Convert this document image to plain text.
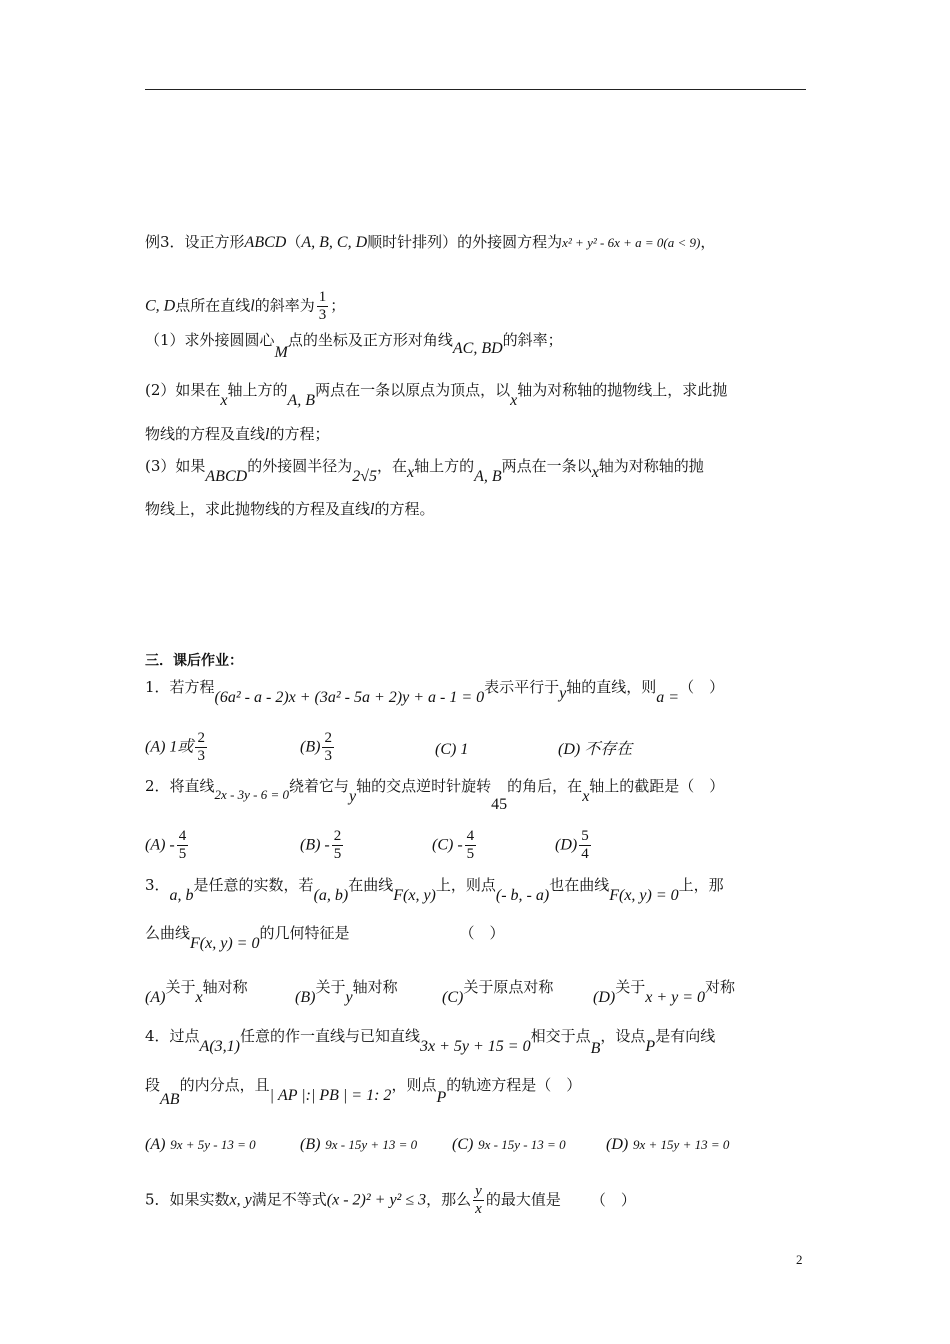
例3．设正方形ABCD（A, B, C, D顺时针排列）的外接圆方程为x² + y² - 6x + a = 0(a < 9)，
C, D点所在直线l的斜率为 $\frac{1}{3}$ ；
（1）求外接圆圆心M点的坐标及正方形对角线AC, BD的斜率；
(2）如果在x轴上方的A, B两点在一条以原点为顶点，以x轴为对称轴的抛物线上，求此抛
物线的方程及直线l的方程；
(3）如果ABCD的外接圆半径为2√5，在x轴上方的A, B两点在一条以x轴为对称轴的抛
物线上，求此抛物线的方程及直线l的方程。
三．课后作业：
1．若方程(6a² - a - 2)x + (3a² - 5a + 2)y + a - 1 = 0表示平行于y轴的直线，则a =（　）
(A) 1或 $\frac{2}{3}$	$(B) \frac{2}{3}$	(C) 1	(D) 不存在
2．将直线2x - 3y - 6 = 0绕着它与y轴的交点逆时针旋转45的角后，在x轴上的截距是（　）
$(A) - \frac{4}{5}$	$(B) - \frac{2}{5}$	$(C) - \frac{4}{5}$	$(D) \frac{5}{4}$
3．a, b是任意的实数，若(a, b)在曲线F(x, y)上，则点(- b, - a)也在曲线F(x, y) = 0上，那
么曲线F(x, y) = 0的几何特征是	（　）
(A)关于x轴对称
(B)关于y轴对称
(C)关于原点对称
(D)关于x + y = 0对称
4．过点A(3,1)任意的作一直线与已知直线3x + 5y + 15 = 0相交于点B，设点P是有向线
段AB的内分点，且| AP |:| PB | = 1: 2，则点P的轨迹方程是（　）
(A) 9x + 5y - 13 = 0	(B) 9x - 15y + 13 = 0 (C) 9x - 15y - 13 = 0	(D) 9x + 15y + 13 = 0
5．如果实数x, y满足不等式(x - 2)² + y² ≤ 3，那么 $\frac{y}{x}$ 的最大值是 （　）
2
